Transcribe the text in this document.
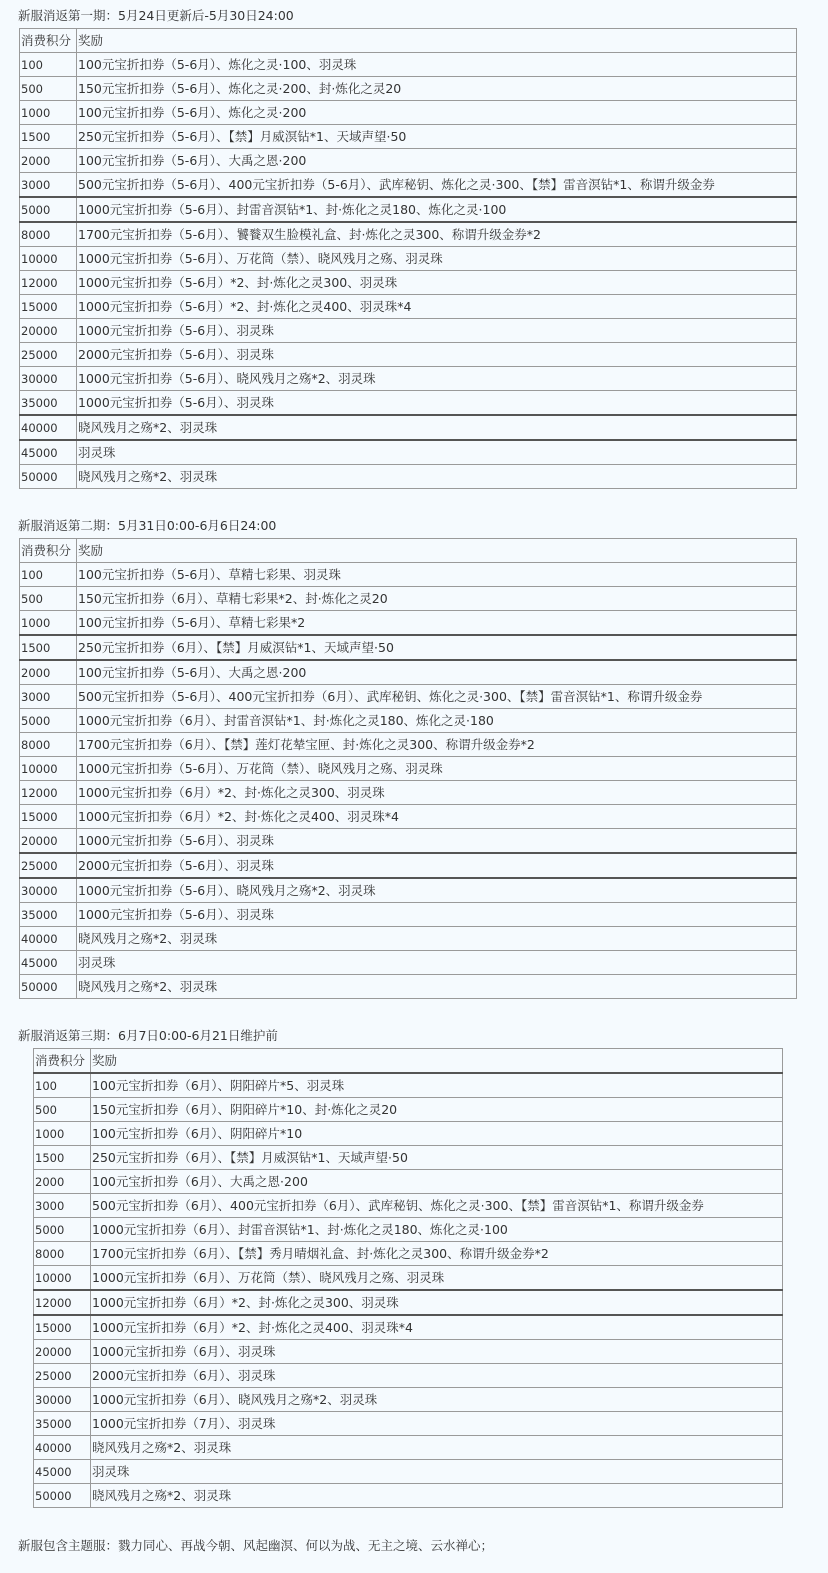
新服消返第一期：5月24日更新后-5月30日24:00
消费积分	奖励
100	100元宝折扣券（5-6月）、炼化之灵·100、羽灵珠
500	150元宝折扣券（5-6月）、炼化之灵·200、封·炼化之灵20
1000	100元宝折扣券（5-6月）、炼化之灵·200
1500	250元宝折扣券（5-6月）、【禁】月威溟钻*1、天域声望·50
2000	100元宝折扣券（5-6月）、大禹之恩·200
3000	500元宝折扣券（5-6月）、400元宝折扣券（5-6月）、武库秘钥、炼化之灵·300、【禁】雷音溟钻*1、称谓升级金券
5000	1000元宝折扣券（5-6月）、封雷音溟钻*1、封·炼化之灵180、炼化之灵·100
8000	1700元宝折扣券（5-6月）、饕餮双生脸模礼盒、封·炼化之灵300、称谓升级金券*2
10000	1000元宝折扣券（5-6月）、万花筒（禁）、晓风残月之殇、羽灵珠
12000	1000元宝折扣券（5-6月）*2、封·炼化之灵300、羽灵珠
15000	1000元宝折扣券（5-6月）*2、封·炼化之灵400、羽灵珠*4
20000	1000元宝折扣券（5-6月）、羽灵珠
25000	2000元宝折扣券（5-6月）、羽灵珠
30000	1000元宝折扣券（5-6月）、晓风残月之殇*2、羽灵珠
35000	1000元宝折扣券（5-6月）、羽灵珠
40000	晓风残月之殇*2、羽灵珠
45000	羽灵珠
50000	晓风残月之殇*2、羽灵珠
新服消返第二期：5月31日0:00-6月6日24:00
消费积分	奖励
100	100元宝折扣券（5-6月）、草精七彩果、羽灵珠
500	150元宝折扣券（6月）、草精七彩果*2、封·炼化之灵20
1000	100元宝折扣券（5-6月）、草精七彩果*2
1500	250元宝折扣券（6月）、【禁】月威溟钻*1、天域声望·50
2000	100元宝折扣券（5-6月）、大禹之恩·200
3000	500元宝折扣券（5-6月）、400元宝折扣券（6月）、武库秘钥、炼化之灵·300、【禁】雷音溟钻*1、称谓升级金券
5000	1000元宝折扣券（6月）、封雷音溟钻*1、封·炼化之灵180、炼化之灵·180
8000	1700元宝折扣券（6月）、【禁】莲灯花辇宝匣、封·炼化之灵300、称谓升级金券*2
10000	1000元宝折扣券（5-6月）、万花筒（禁）、晓风残月之殇、羽灵珠
12000	1000元宝折扣券（6月）*2、封·炼化之灵300、羽灵珠
15000	1000元宝折扣券（6月）*2、封·炼化之灵400、羽灵珠*4
20000	1000元宝折扣券（5-6月）、羽灵珠
25000	2000元宝折扣券（5-6月）、羽灵珠
30000	1000元宝折扣券（5-6月）、晓风残月之殇*2、羽灵珠
35000	1000元宝折扣券（5-6月）、羽灵珠
40000	晓风残月之殇*2、羽灵珠
45000	羽灵珠
50000	晓风残月之殇*2、羽灵珠
新服消返第三期：6月7日0:00-6月21日维护前
消费积分	奖励
100	100元宝折扣券（6月）、阴阳碎片*5、羽灵珠
500	150元宝折扣券（6月）、阴阳碎片*10、封·炼化之灵20
1000	100元宝折扣券（6月）、阴阳碎片*10
1500	250元宝折扣券（6月）、【禁】月威溟钻*1、天域声望·50
2000	100元宝折扣券（6月）、大禹之恩·200
3000	500元宝折扣券（6月）、400元宝折扣券（6月）、武库秘钥、炼化之灵·300、【禁】雷音溟钻*1、称谓升级金券
5000	1000元宝折扣券（6月）、封雷音溟钻*1、封·炼化之灵180、炼化之灵·100
8000	1700元宝折扣券（6月）、【禁】秀月晴烟礼盒、封·炼化之灵300、称谓升级金券*2
10000	1000元宝折扣券（6月）、万花筒（禁）、晓风残月之殇、羽灵珠
12000	1000元宝折扣券（6月）*2、封·炼化之灵300、羽灵珠
15000	1000元宝折扣券（6月）*2、封·炼化之灵400、羽灵珠*4
20000	1000元宝折扣券（6月）、羽灵珠
25000	2000元宝折扣券（6月）、羽灵珠
30000	1000元宝折扣券（6月）、晓风残月之殇*2、羽灵珠
35000	1000元宝折扣券（7月）、羽灵珠
40000	晓风残月之殇*2、羽灵珠
45000	羽灵珠
50000	晓风残月之殇*2、羽灵珠
新服包含主题服：戮力同心、再战今朝、风起幽溟、何以为战、无主之境、云水禅心；
